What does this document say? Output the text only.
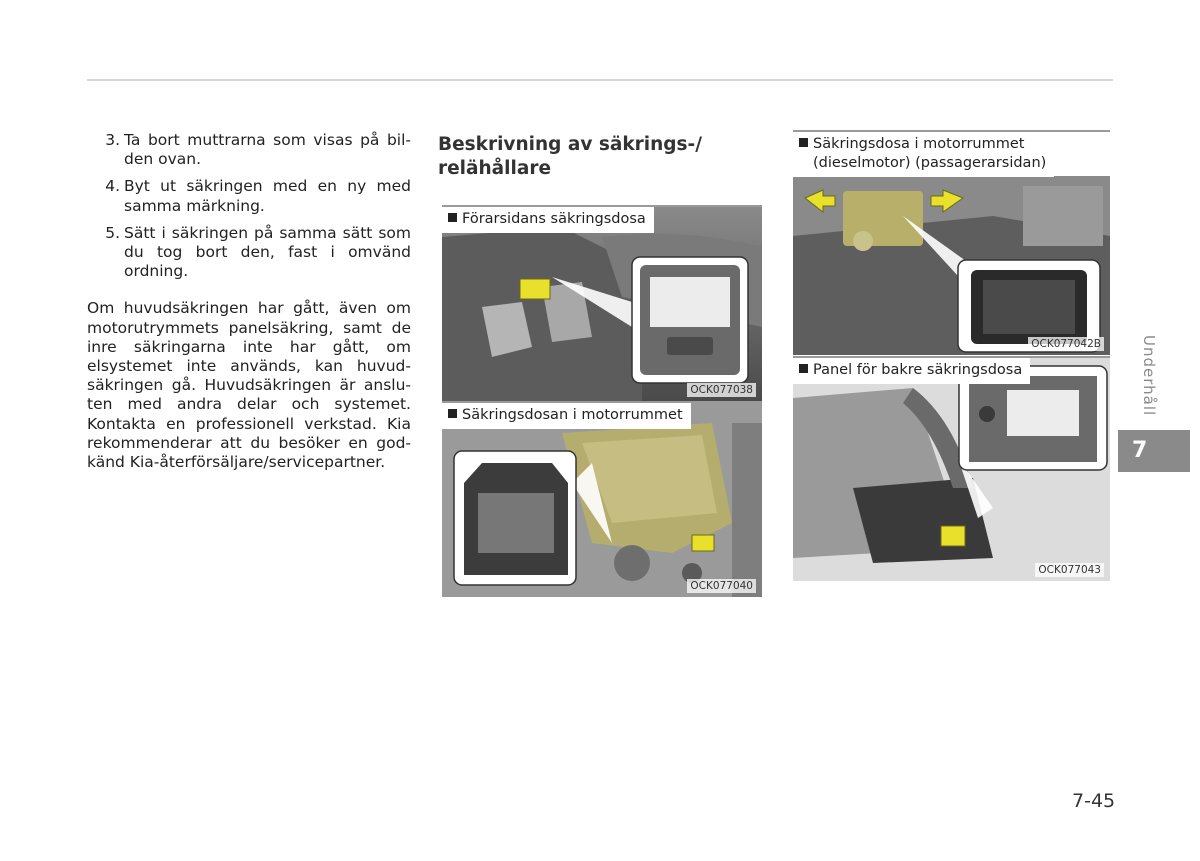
3. Ta bort muttrarna som visas på bil-den ovan.
4. Byt ut säkringen med en ny med samma märkning.
5. Sätt i säkringen på samma sätt som du tog bort den, fast i omvänd ordning.
Om huvudsäkringen har gått, även om motorutrymmets panelsäkring, samt de inre säkringarna inte har gått, om elsystemet inte används, kan huvud-säkringen gå. Huvudsäkringen är anslu-ten med andra delar och systemet. Kontakta en professionell verkstad. Kia rekommenderar att du besöker en god-känd Kia-återförsäljare/servicepartner.
Beskrivning av säkrings-/
relähållare
Förarsidans säkringsdosa
OCK077038
Säkringsdosan i motorrummet
OCK077040
Säkringsdosa i motorrummet
(dieselmotor) (passagerarsidan)
OCK077042B
Panel för bakre säkringsdosa
OCK077043
Underhåll
7
7-45
